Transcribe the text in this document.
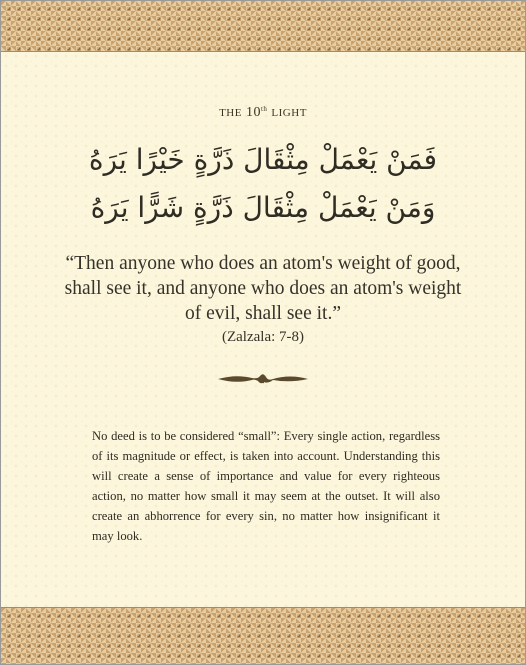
THE 10th LIGHT
فَمَنْ يَعْمَلْ مِثْقَالَ ذَرَّةٍ خَيْرًا يَرَهُ
وَمَنْ يَعْمَلْ مِثْقَالَ ذَرَّةٍ شَرًّا يَرَهُ
“Then anyone who does an atom's weight of good, shall see it, and anyone who does an atom's weight of evil, shall see it.”
(Zalzala: 7-8)
No deed is to be considered “small”: Every single action, regardless of its magnitude or effect, is taken into account. Understanding this will create a sense of importance and value for every righteous action, no matter how small it may seem at the outset. It will also create an abhorrence for every sin, no matter how insignificant it may look.
